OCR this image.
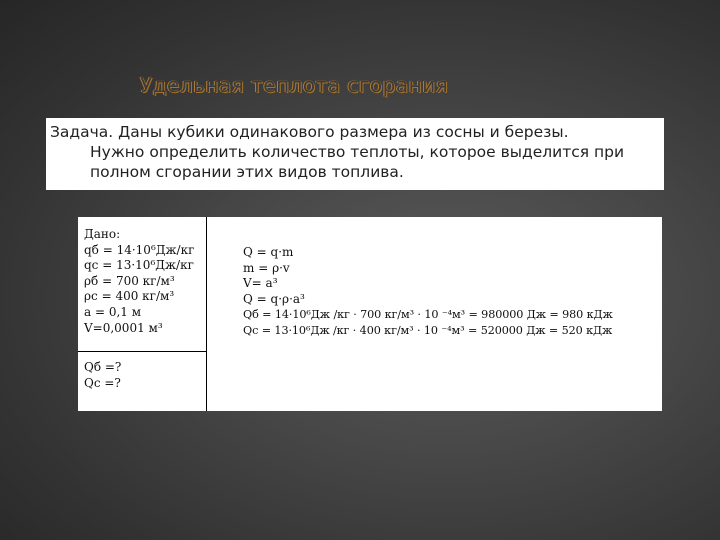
Удельная теплота сгорания
Задача. Даны кубики одинакового размера из сосны и березы.
Нужно определить количество теплоты, которое выделится при
полном сгорании этих видов топлива.
Дано:
qб = 14·10⁶Дж/кг
qc = 13·10⁶Дж/кг
ρб = 700 кг/м³
ρc = 400 кг/м³
a = 0,1 м
V=0,0001 м³
Qб =?
Qc =?
Q = q·m
m = ρ·v
V= a³
Q = q·ρ·a³
Qб = 14·10⁶Дж /кг · 700 кг/м³ · 10 ⁻⁴м³ = 980000 Дж = 980 кДж
Qc = 13·10⁶Дж /кг · 400 кг/м³ · 10 ⁻⁴м³ = 520000 Дж = 520 кДж
